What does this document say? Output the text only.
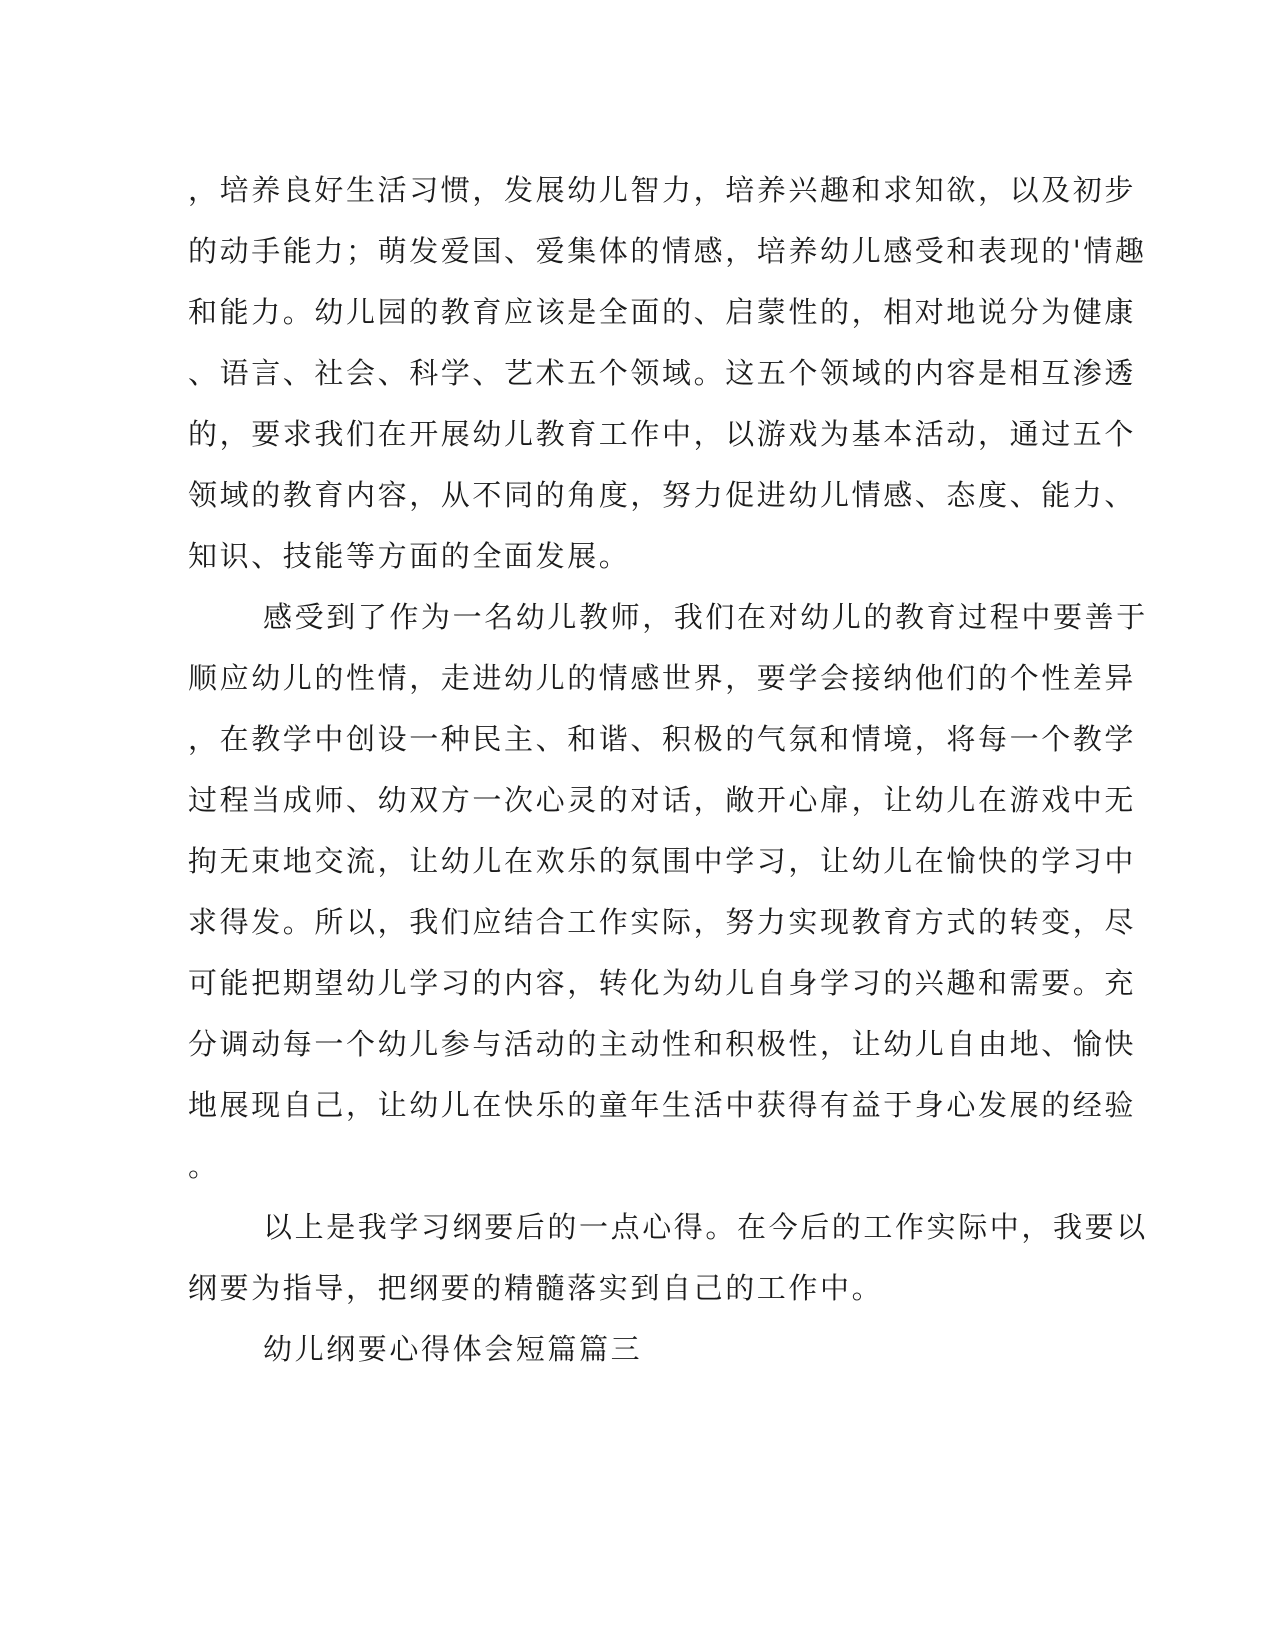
，培养良好生活习惯，发展幼儿智力，培养兴趣和求知欲，以及初步
的动手能力；萌发爱国、爱集体的情感，培养幼儿感受和表现的'情趣
和能力。幼儿园的教育应该是全面的、启蒙性的，相对地说分为健康
、语言、社会、科学、艺术五个领域。这五个领域的内容是相互渗透
的，要求我们在开展幼儿教育工作中，以游戏为基本活动，通过五个
领域的教育内容，从不同的角度，努力促进幼儿情感、态度、能力、
知识、技能等方面的全面发展。
感受到了作为一名幼儿教师，我们在对幼儿的教育过程中要善于
顺应幼儿的性情，走进幼儿的情感世界，要学会接纳他们的个性差异
，在教学中创设一种民主、和谐、积极的气氛和情境，将每一个教学
过程当成师、幼双方一次心灵的对话，敞开心扉，让幼儿在游戏中无
拘无束地交流，让幼儿在欢乐的氛围中学习，让幼儿在愉快的学习中
求得发。所以，我们应结合工作实际，努力实现教育方式的转变，尽
可能把期望幼儿学习的内容，转化为幼儿自身学习的兴趣和需要。充
分调动每一个幼儿参与活动的主动性和积极性，让幼儿自由地、愉快
地展现自己，让幼儿在快乐的童年生活中获得有益于身心发展的经验
。
以上是我学习纲要后的一点心得。在今后的工作实际中，我要以
纲要为指导，把纲要的精髓落实到自己的工作中。
幼儿纲要心得体会短篇篇三
